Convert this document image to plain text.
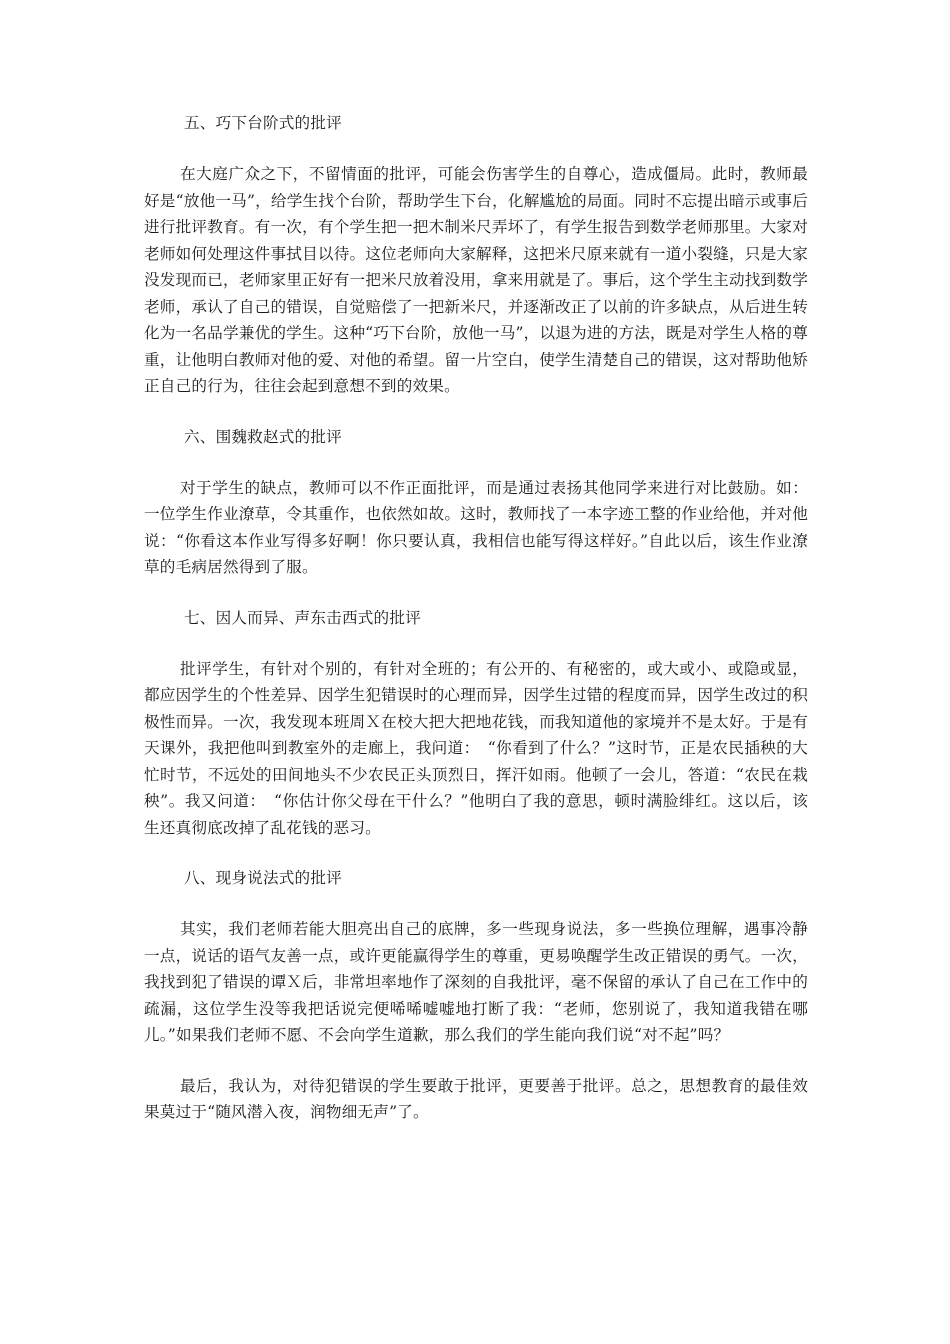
五、巧下台阶式的批评

在大庭广众之下，不留情面的批评，可能会伤害学生的自尊心，造成僵局。此时，教师最好是“放他一马”，给学生找个台阶，帮助学生下台，化解尴尬的局面。同时不忘提出暗示或事后进行批评教育。有一次，有个学生把一把木制米尺弄坏了，有学生报告到数学老师那里。大家对老师如何处理这件事拭目以待。这位老师向大家解释，这把米尺原来就有一道小裂缝，只是大家没发现而已，老师家里正好有一把米尺放着没用，拿来用就是了。事后，这个学生主动找到数学老师，承认了自己的错误，自觉赔偿了一把新米尺，并逐渐改正了以前的许多缺点，从后进生转化为一名品学兼优的学生。这种“巧下台阶，放他一马”，以退为进的方法，既是对学生人格的尊重，让他明白教师对他的爱、对他的希望。留一片空白，使学生清楚自己的错误，这对帮助他矫正自己的行为，往往会起到意想不到的效果。

六、围魏救赵式的批评

对于学生的缺点，教师可以不作正面批评，而是通过表扬其他同学来进行对比鼓励。如：一位学生作业潦草，令其重作，也依然如故。这时，教师找了一本字迹工整的作业给他，并对他说：“你看这本作业写得多好啊！你只要认真，我相信也能写得这样好。”自此以后，该生作业潦草的毛病居然得到了服。

七、因人而异、声东击西式的批评

批评学生，有针对个别的，有针对全班的；有公开的、有秘密的，或大或小、或隐或显，都应因学生的个性差异、因学生犯错误时的心理而异，因学生过错的程度而异，因学生改过的积极性而异。一次，我发现本班周Ｘ在校大把大把地花钱，而我知道他的家境并不是太好。于是有天课外，我把他叫到教室外的走廊上，我问道：　“你看到了什么？”这时节，正是农民插秧的大忙时节，不远处的田间地头不少农民正头顶烈日，挥汗如雨。他顿了一会儿，答道：“农民在栽秧”。我又问道：　“你估计你父母在干什么？”他明白了我的意思，顿时满脸绯红。这以后，该生还真彻底改掉了乱花钱的恶习。

八、现身说法式的批评

其实，我们老师若能大胆亮出自己的底牌，多一些现身说法，多一些换位理解，遇事冷静一点，说话的语气友善一点，或许更能赢得学生的尊重，更易唤醒学生改正错误的勇气。一次，我找到犯了错误的谭Ｘ后，非常坦率地作了深刻的自我批评，毫不保留的承认了自己在工作中的疏漏，这位学生没等我把话说完便唏唏嘘嘘地打断了我：“老师，您别说了，我知道我错在哪儿。”如果我们老师不愿、不会向学生道歉，那么我们的学生能向我们说“对不起”吗？

最后，我认为，对待犯错误的学生要敢于批评，更要善于批评。总之，思想教育的最佳效果莫过于“随风潜入夜，润物细无声”了。
